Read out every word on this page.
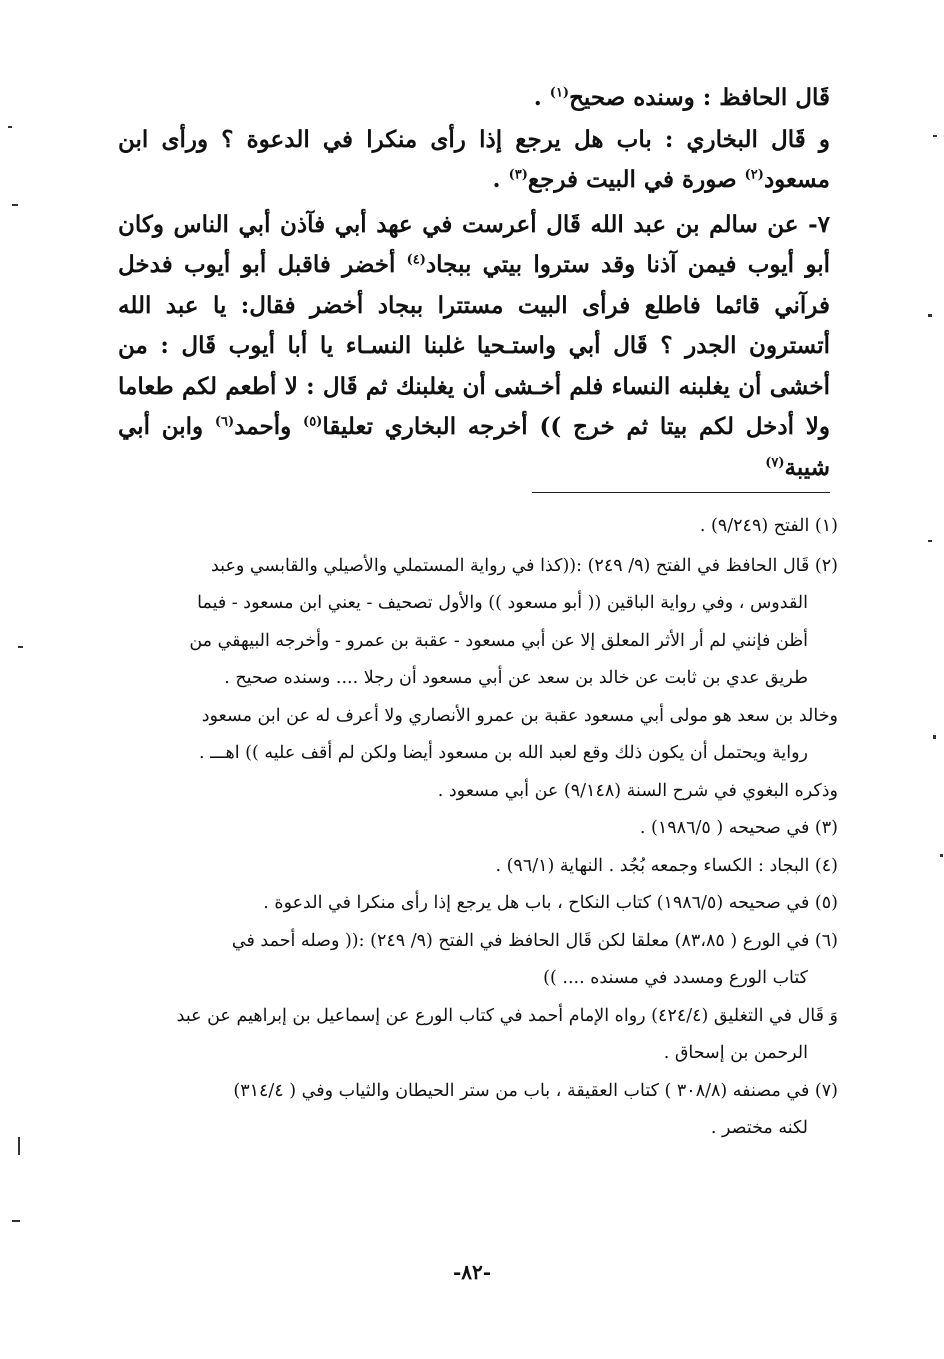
قَال الحافظ : وسنده صحيح$^{(١)}$ .

و قَال البخاري : باب هل يرجع إذا رأى منكرا في الدعوة ؟ ورأى ابن مسعود$^{(٢)}$ صورة في البيت فرجع$^{(٣)}$ .

٧- عن سالم بن عبد الله قَال أعرست في عهد أبي فآذن أبي الناس وكان أبو أيوب فيمن آذنا وقد ستروا بيتي ببجاد$^{(٤)}$ أخضر فاقبل أبو أيوب فدخل فرآني قائما فاطلع فرأى البيت مستترا ببجاد أخضر فقال: يا عبد الله أتسترون الجدر ؟ قَال أبي واستـحيا غلبنا النسـاء يا أبا أيوب قَال : من أخشى أن يغلبنه النساء فلم أخـشى أن يغلبنك ثم قَال : لا أطعم لكم طعاما ولا أدخل لكم بيتا ثم خرج )) أخرجه البخاري تعليقا$^{(٥)}$ وأحمد$^{(٦)}$ وابن أبي شيبة$^{(٧)}$

(١) الفتح (٩/٢٤٩) .

(٢) قَال الحافظ في الفتح (٩/ ٢٤٩) :((كذا في رواية المستملي والأصيلي والقابسي وعبد

القدوس ، وفي رواية الباقين (( أبو مسعود )) والأول تصحيف - يعني ابن مسعود - فيما

أظن فإنني لم أر الأثر المعلق إلا عن أبي مسعود - عقبة بن عمرو - وأخرجه البيهقي من

طريق عدي بن ثابت عن خالد بن سعد عن أبي مسعود أن رجلا .... وسنده صحيح .

وخالد بن سعد هو مولى أبي مسعود عقبة بن عمرو الأنصاري ولا أعرف له عن ابن مسعود

رواية ويحتمل أن يكون ذلك وقع لعبد الله بن مسعود أيضا ولكن لم أقف عليه )) اهـــ .

وذكره البغوي في شرح السنة (٩/١٤٨) عن أبي مسعود .

(٣) في صحيحه ( ١٩٨٦/٥) .

(٤) البجاد : الكساء وجمعه بُجُد . النهاية (٩٦/١) .

(٥) في صحيحه (١٩٨٦/٥) كتاب النكاح ، باب هل يرجع إذا رأى منكرا في الدعوة .

(٦) في الورع ( ٨٣،٨٥) معلقا لكن قَال الحافظ في الفتح (٩/ ٢٤٩) :(( وصله أحمد في

كتاب الورع ومسدد في مسنده .... ))

وَ قَال في التغليق (٤٢٤/٤) رواه الإمام أحمد في كتاب الورع عن إسماعيل بن إبراهيم عن عبد

الرحمن بن إسحاق .

(٧) في مصنفه (٣٠٨/٨ ) كتاب العقيقة ، باب من ستر الحيطان والثياب وفي ( ٣١٤/٤)

لكنه مختصر .

-٨٢-
